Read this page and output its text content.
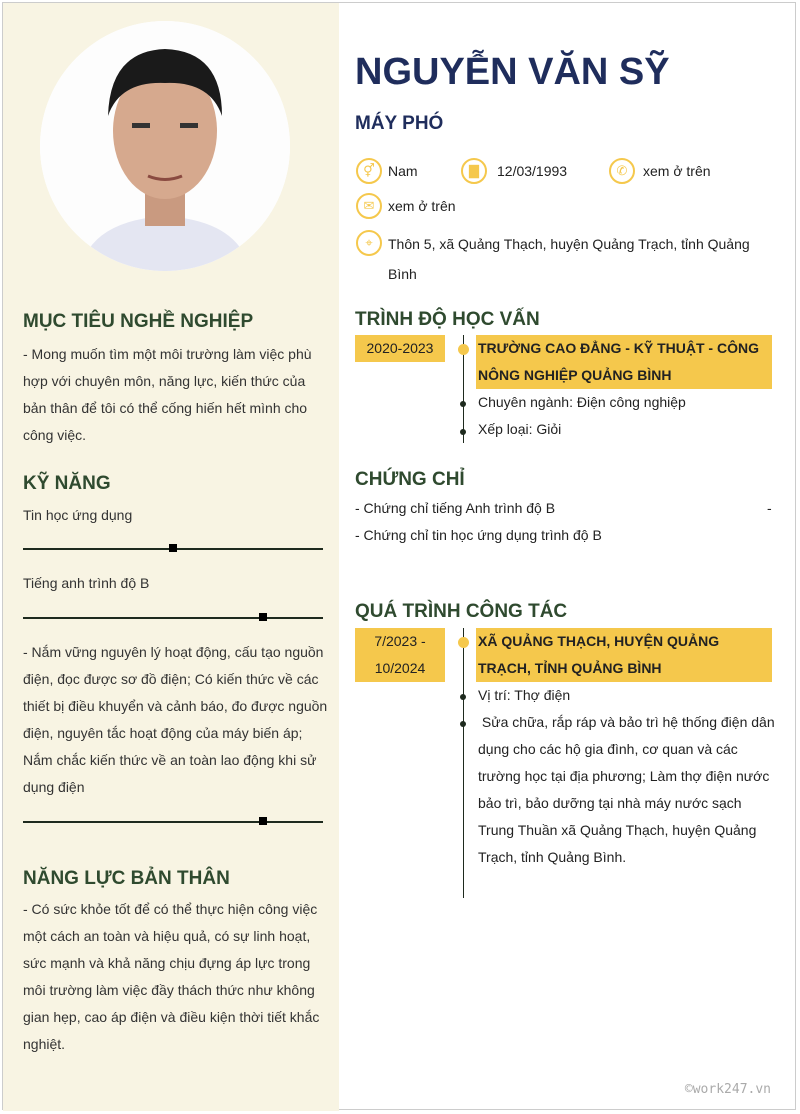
MỤC TIÊU NGHỀ NGHIỆP
- Mong muốn tìm một môi trường làm việc phù hợp với chuyên môn, năng lực, kiến thức của bản thân để tôi có thể cống hiến hết mình cho công việc.
KỸ NĂNG
Tin học ứng dụng
Tiếng anh trình độ B
- Nắm vững nguyên lý hoạt động, cấu tạo nguồn điện, đọc được sơ đồ điện; Có kiến thức về các thiết bị điều khuyển và cảnh báo, đo được nguồn điện, nguyên tắc hoạt động của máy biến áp; Nắm chắc kiến thức về an toàn lao động khi sử dụng điện
NĂNG LỰC BẢN THÂN
- Có sức khỏe tốt để có thể thực hiện công việc một cách an toàn và hiệu quả, có sự linh hoạt, sức mạnh và khả năng chịu đựng áp lực trong môi trường làm việc đầy thách thức như không gian hẹp, cao áp điện và điều kiện thời tiết khắc nghiệt.
NGUYỄN VĂN SỸ
MÁY PHÓ
⚥ Nam	▇	12/03/1993	✆	xem ở trên
✉ xem ở trên
⌖	Thôn 5, xã Quảng Thạch, huyện Quảng Trạch, tỉnh Quảng Bình
TRÌNH ĐỘ HỌC VẤN
2020-2023	TRƯỜNG CAO ĐẲNG - KỸ THUẬT - CÔNG NÔNG NGHIỆP QUẢNG BÌNH
Chuyên ngành: Điện công nghiệp
Xếp loại: Giỏi
CHỨNG CHỈ
- Chứng chỉ tiếng Anh trình độ B	-
- Chứng chỉ tin học ứng dụng trình độ B
QUÁ TRÌNH CÔNG TÁC
7/2023 - 10/2024
XÃ QUẢNG THẠCH, HUYỆN QUẢNG TRẠCH, TỈNH QUẢNG BÌNH
Vị trí: Thợ điện
Sửa chữa, rắp ráp và bảo trì hệ thống điện dân dụng cho các hộ gia đình, cơ quan và các trường học tại địa phương; Làm thợ điện nước bảo trì, bảo dưỡng tại nhà máy nước sạch Trung Thuần xã Quảng Thạch, huyện Quảng Trạch, tỉnh Quảng Bình.
©work247.vn
